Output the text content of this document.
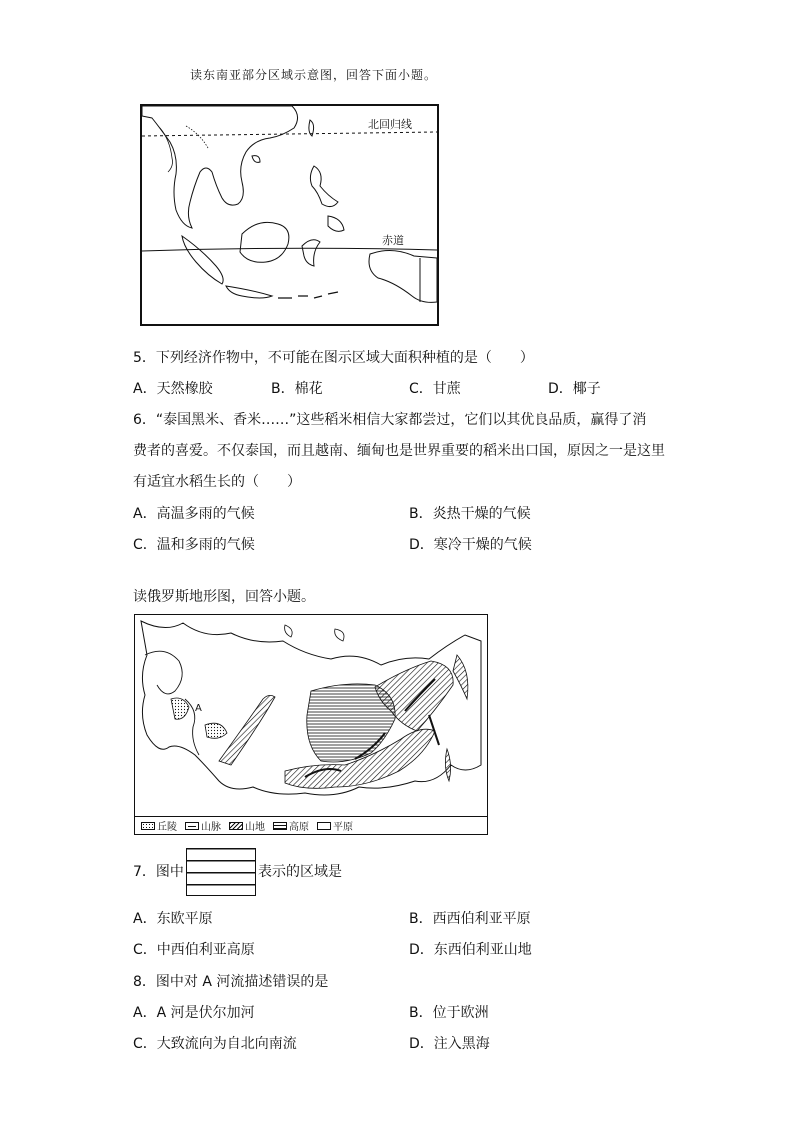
读东南亚部分区域示意图，回答下面小题。
北回归线
赤道
5．下列经济作物中，不可能在图示区域大面积种植的是（　　）
A．天然橡胶	B．棉花	C．甘蔗	D．椰子
6．“泰国黑米、香米……”这些稻米相信大家都尝过，它们以其优良品质，赢得了消
费者的喜爱。不仅泰国，而且越南、缅甸也是世界重要的稻米出口国，原因之一是这里
有适宜水稻生长的（　　）
A．高温多雨的气候	B．炎热干燥的气候
C．温和多雨的气候	D．寒冷干燥的气候
读俄罗斯地形图，回答小题。
A
丘陵 山脉 山地 高原 平原
7．图中	表示的区域是
A．东欧平原	B．西西伯利亚平原
C．中西伯利亚高原	D．东西伯利亚山地
8．图中对 A 河流描述错误的是
A．A 河是伏尔加河	B．位于欧洲
C．大致流向为自北向南流	D．注入黑海
